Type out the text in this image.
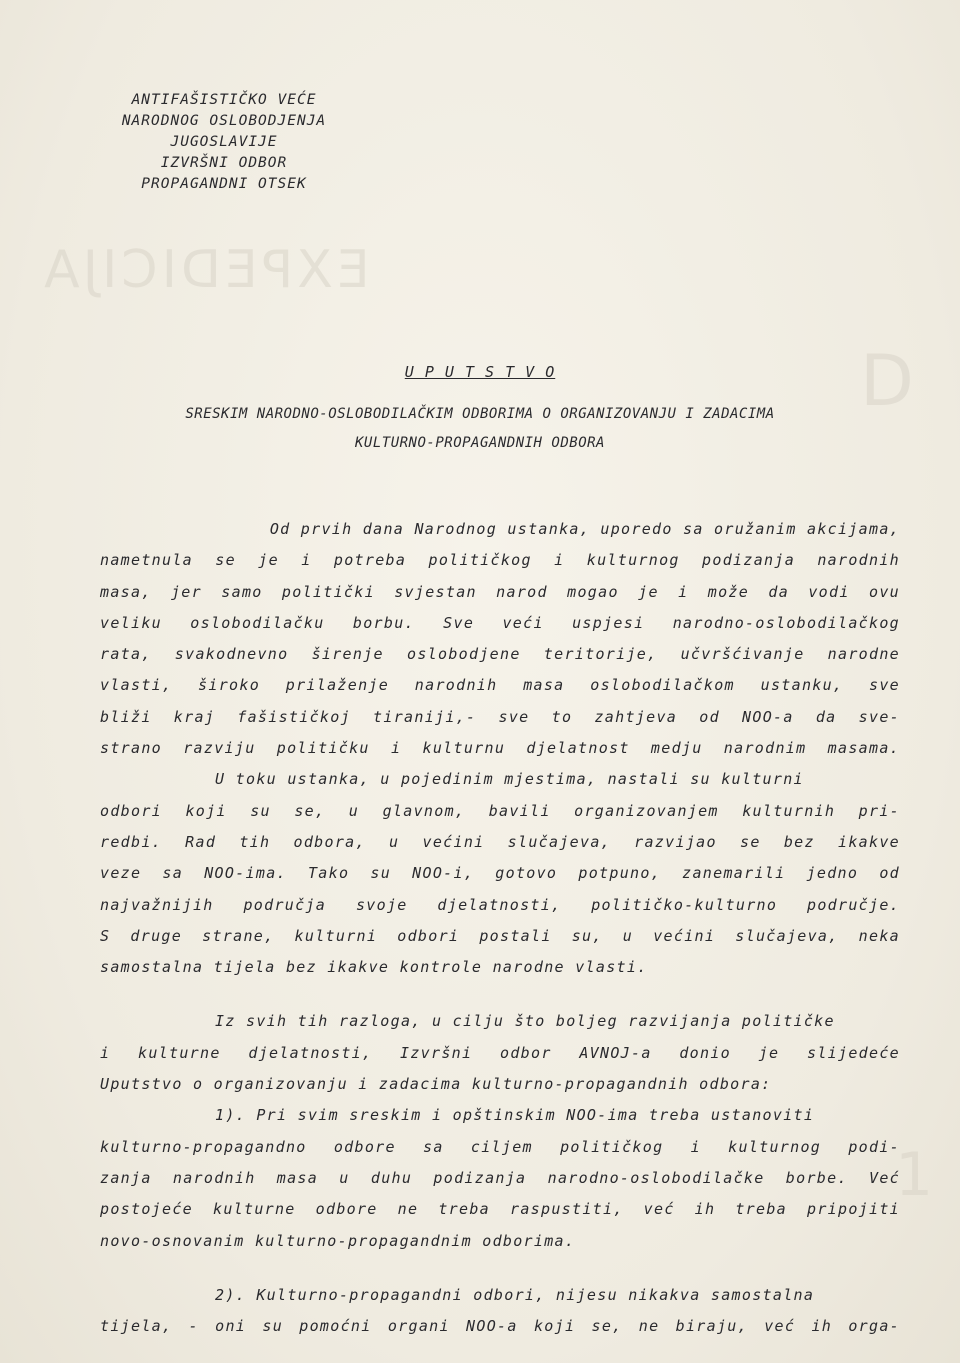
EXPEDICIJA
D
1
ANTIFAŠISTIČKO VEĆE
NARODNOG OSLOBODJENJA
JUGOSLAVIJE
IZVRŠNI ODBOR
PROPAGANDNI OTSEK
U P U T S T V O
SRESKIM NARODNO-OSLOBODILAČKIM ODBORIMA O ORGANIZOVANJU I ZADACIMA
KULTURNO-PROPAGANDNIH ODBORA
Od prvih dana Narodnog ustanka, uporedo sa oružanim akcijama,
nametnula se je i potreba političkog i kulturnog podizanja narodnih
masa, jer samo politički svjestan narod mogao je i može da vodi ovu
veliku oslobodilačku borbu. Sve veći uspjesi narodno-oslobodilačkog
rata, svakodnevno širenje oslobodjene teritorije, učvršćivanje narodne
vlasti, široko prilaženje narodnih masa oslobodilačkom ustanku, sve
bliži kraj fašističkoj tiraniji,- sve to zahtjeva od NOO-a da sve-
strano razviju političku i kulturnu djelatnost medju narodnim masama.
U toku ustanka, u pojedinim mjestima, nastali su kulturni
odbori koji su se, u glavnom, bavili organizovanjem kulturnih pri-
redbi. Rad tih odbora, u većini slučajeva, razvijao se bez ikakve
veze sa NOO-ima. Tako su NOO-i, gotovo potpuno, zanemarili jedno od
najvažnijih područja svoje djelatnosti, političko-kulturno područje.
S druge strane, kulturni odbori postali su, u većini slučajeva, neka
samostalna tijela bez ikakve kontrole narodne vlasti.
Iz svih tih razloga, u cilju što boljeg razvijanja političke
i kulturne djelatnosti, Izvršni odbor AVNOJ-a donio je slijedeće
Uputstvo o organizovanju i zadacima kulturno-propagandnih odbora:
1). Pri svim sreskim i opštinskim NOO-ima treba ustanoviti
kulturno-propagandno odbore sa ciljem političkog i kulturnog podi-
zanja narodnih masa u duhu podizanja narodno-oslobodilačke borbe. Već
postojeće kulturne odbore ne treba raspustiti, već ih treba pripojiti
novo-osnovanim kulturno-propagandnim odborima.
2). Kulturno-propagandni odbori, nijesu nikakva samostalna
tijela, - oni su pomoćni organi NOO-a koji se, ne biraju, već ih orga-
